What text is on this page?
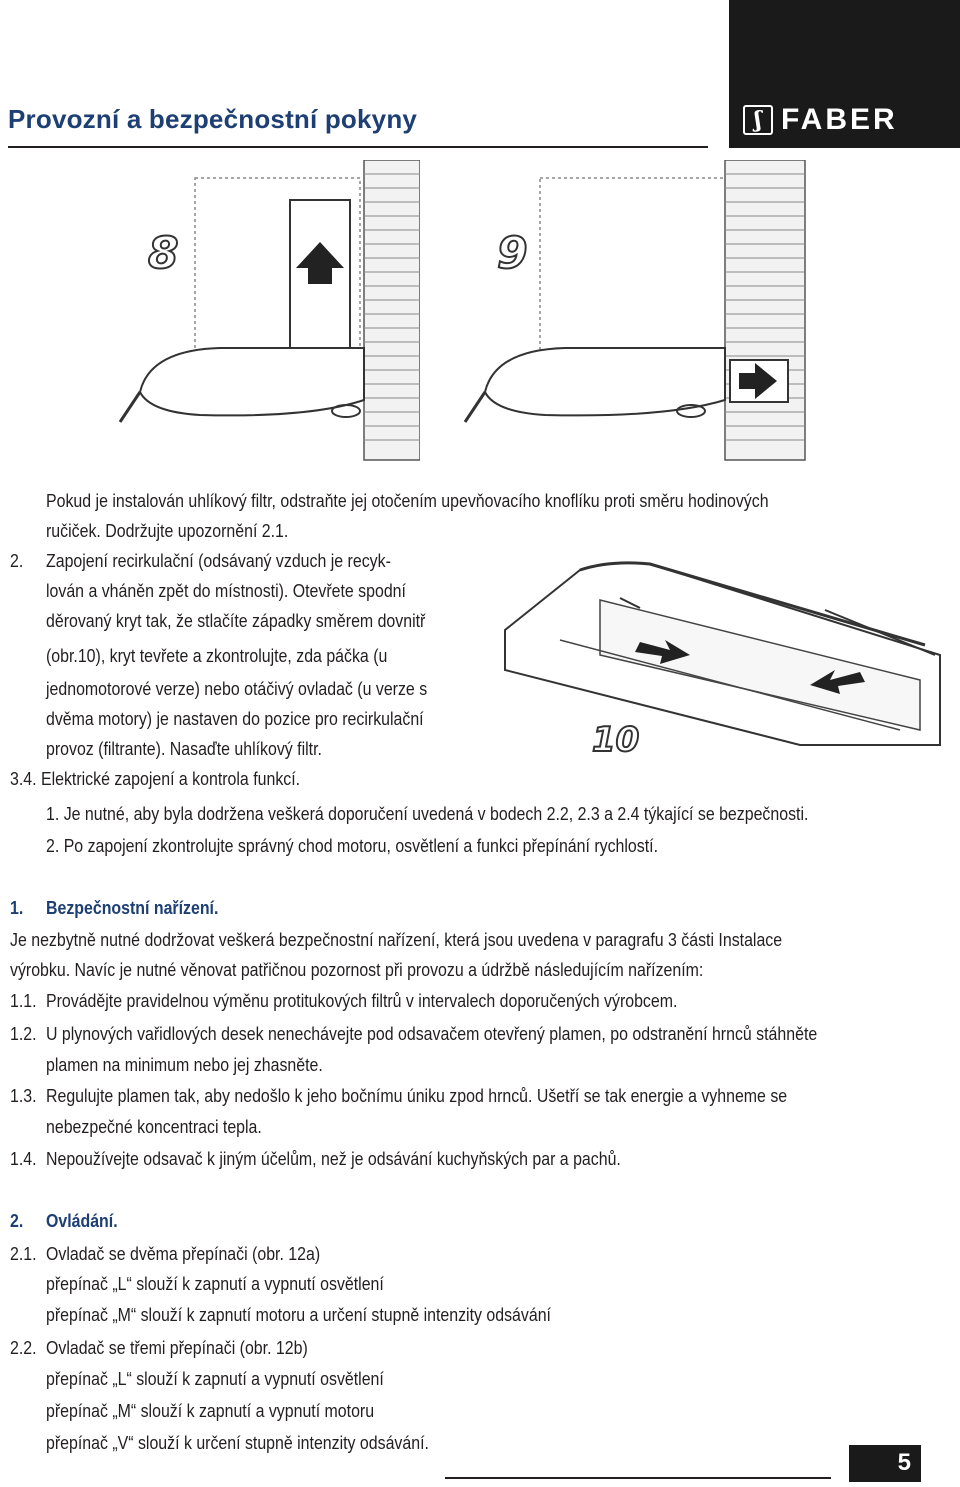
Provozní a bezpečnostní pokyny	ʃ FABER
8	9
10
Pokud je instalován uhlíkový filtr, odstraňte jej otočením upevňovacího knoflíku proti směru hodinových
ručiček. Dodržujte upozornění 2.1.
2. Zapojení recirkulační (odsávaný vzduch je recyk-
lován a vháněn zpět do místnosti). Otevřete spodní
děrovaný kryt tak, že stlačíte západky směrem dovnitř
(obr.10), kryt tevřete a zkontrolujte, zda páčka (u
jednomotorové verze) nebo otáčivý ovladač (u verze s
dvěma motory) je nastaven do pozice pro recirkulační
provoz (filtrante). Nasaďte uhlíkový filtr.
3.4. Elektrické zapojení a kontrola funkcí.
1. Je nutné, aby byla dodržena veškerá doporučení uvedená v bodech 2.2, 2.3 a 2.4 týkající se bezpečnosti.
2. Po zapojení zkontrolujte správný chod motoru, osvětlení a funkci přepínání rychlostí.
1. Bezpečnostní nařízení.
Je nezbytně nutné dodržovat veškerá bezpečnostní nařízení, která jsou uvedena v paragrafu 3 části Instalace
výrobku. Navíc je nutné věnovat patřičnou pozornost při provozu a údržbě následujícím nařízením:
1.1. Provádějte pravidelnou výměnu protitukových filtrů v intervalech doporučených výrobcem.
1.2. U plynových vařidlových desek nenechávejte pod odsavačem otevřený plamen, po odstranění hrnců stáhněte
plamen na minimum nebo jej zhasněte.
1.3. Regulujte plamen tak, aby nedošlo k jeho bočnímu úniku zpod hrnců. Ušetří se tak energie a vyhneme se
nebezpečné koncentraci tepla.
1.4. Nepoužívejte odsavač k jiným účelům, než je odsávání kuchyňských par a pachů.
2. Ovládání.
2.1. Ovladač se dvěma přepínači (obr. 12a)
přepínač „L“ slouží k zapnutí a vypnutí osvětlení
přepínač „M“ slouží k zapnutí motoru a určení stupně intenzity odsávání
2.2. Ovladač se třemi přepínači (obr. 12b)
přepínač „L“ slouží k zapnutí a vypnutí osvětlení
přepínač „M“ slouží k zapnutí a vypnutí motoru
přepínač „V“ slouží k určení stupně intenzity odsávání.
5
